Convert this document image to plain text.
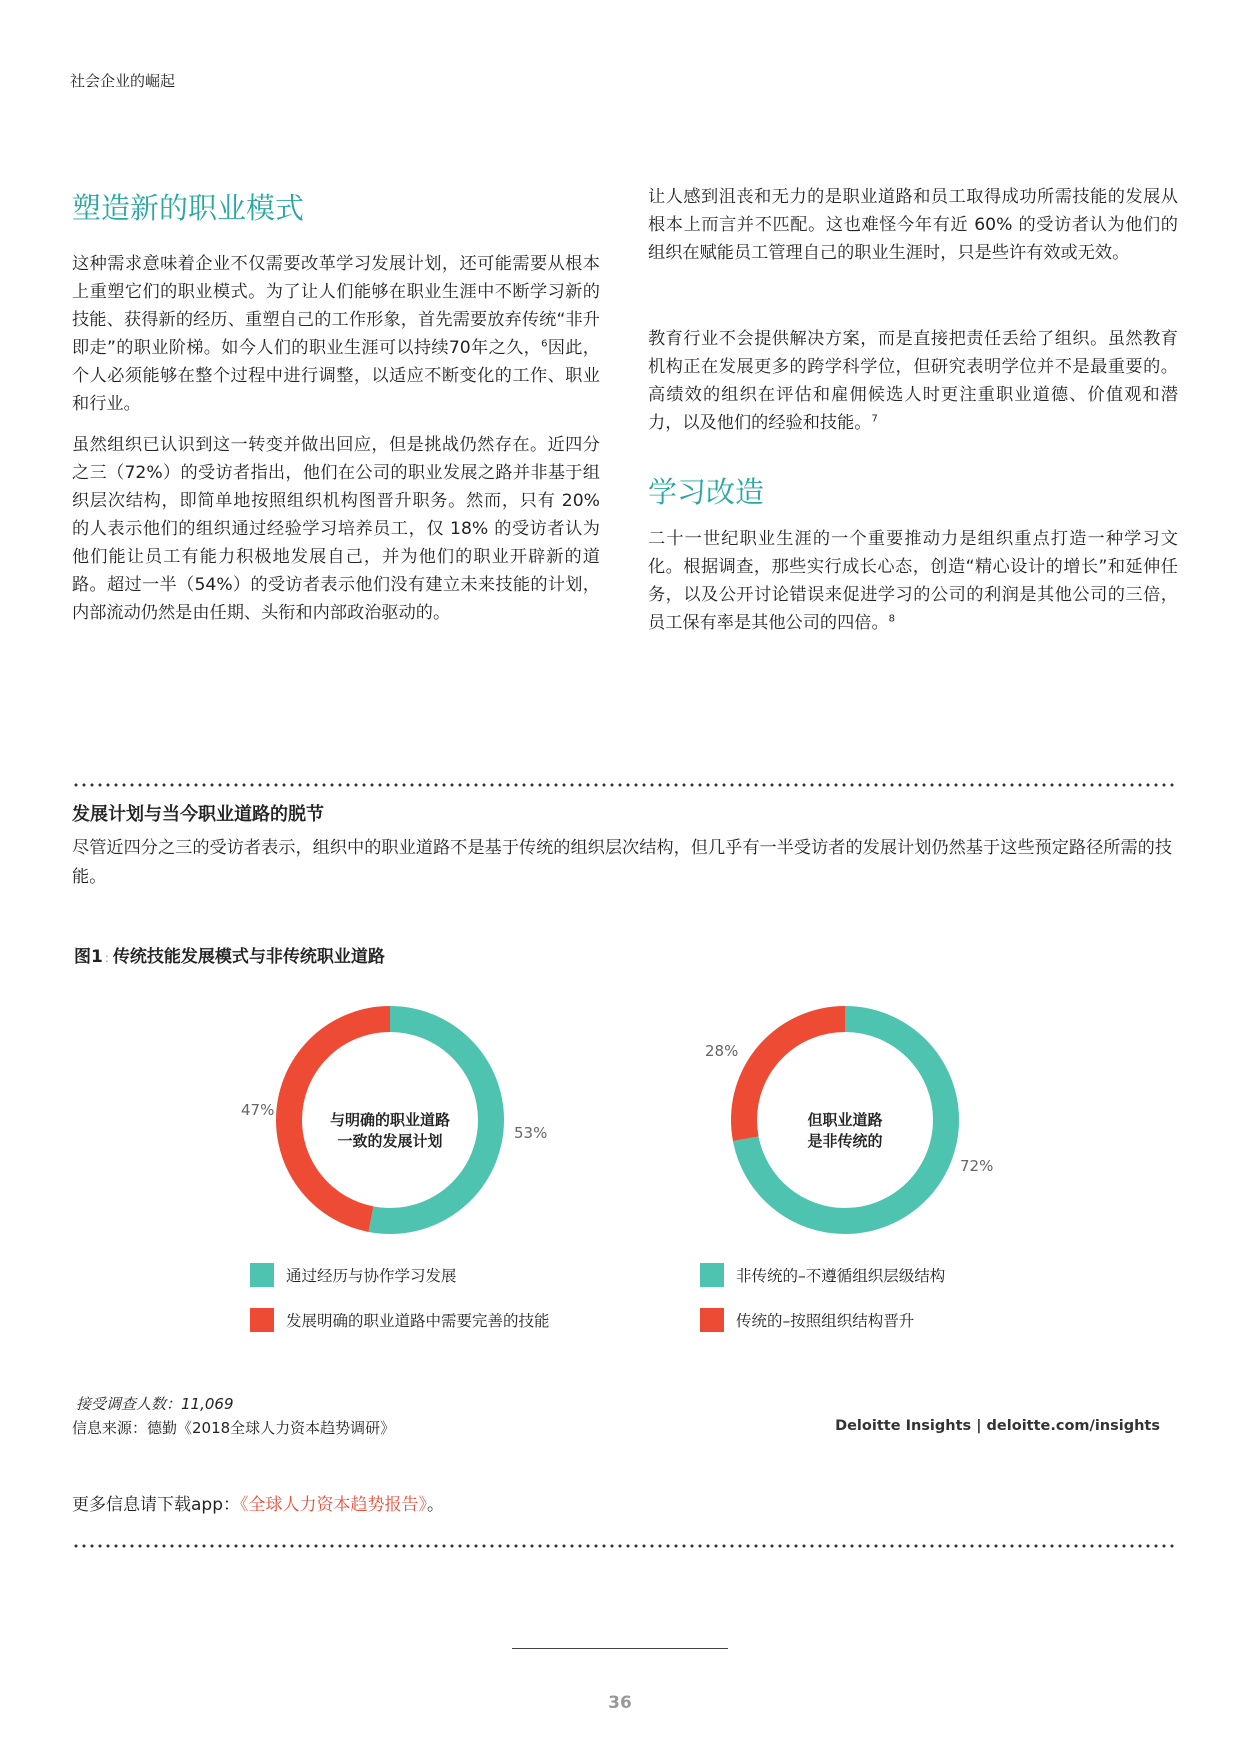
社会企业的崛起
塑造新的职业模式

这种需求意味着企业不仅需要改革学习发展计划，还可能需要从根本上重塑它们的职业模式。为了让人们能够在职业生涯中不断学习新的技能、获得新的经历、重塑自己的工作形象，首先需要放弃传统“非升即走”的职业阶梯。如今人们的职业生涯可以持续70年之久，$^6$因此，个人必须能够在整个过程中进行调整，以适应不断变化的工作、职业和行业。

虽然组织已认识到这一转变并做出回应，但是挑战仍然存在。近四分之三（72%）的受访者指出，他们在公司的职业发展之路并非基于组织层次结构，即简单地按照组织机构图晋升职务。然而，只有 20% 的人表示他们的组织通过经验学习培养员工，仅 18% 的受访者认为他们能让员工有能力积极地发展自己，并为他们的职业开辟新的道路。超过一半（54%）的受访者表示他们没有建立未来技能的计划，内部流动仍然是由任期、头衔和内部政治驱动的。

让人感到沮丧和无力的是职业道路和员工取得成功所需技能的发展从根本上而言并不匹配。这也难怪今年有近 60% 的受访者认为他们的组织在赋能员工管理自己的职业生涯时，只是些许有效或无效。

教育行业不会提供解决方案，而是直接把责任丢给了组织。虽然教育机构正在发展更多的跨学科学位，但研究表明学位并不是最重要的。高绩效的组织在评估和雇佣候选人时更注重职业道德、价值观和潜力，以及他们的经验和技能。$^7$

学习改造

二十一世纪职业生涯的一个重要推动力是组织重点打造一种学习文化。根据调查，那些实行成长心态，创造“精心设计的增长”和延伸任务，以及公开讨论错误来促进学习的公司的利润是其他公司的三倍，员工保有率是其他公司的四倍。$^8$

发展计划与当今职业道路的脱节
尽管近四分之三的受访者表示，组织中的职业道路不是基于传统的组织层次结构，但几乎有一半受访者的发展计划仍然基于这些预定路径所需的技能。
图1 : 传统技能发展模式与非传统职业道路
与明确的职业道路
一致的发展计划	53%
47%
但职业道路
是非传统的
72%
28%
通过经历与协作学习发展
发展明确的职业道路中需要完善的技能
非传统的–不遵循组织层级结构
传统的–按照组织结构晋升
接受调查人数：11,069
信息来源：德勤《2018全球人力资本趋势调研》	Deloitte Insights | deloitte.com/insights
更多信息请下载app：《全球人力资本趋势报告》。
36
